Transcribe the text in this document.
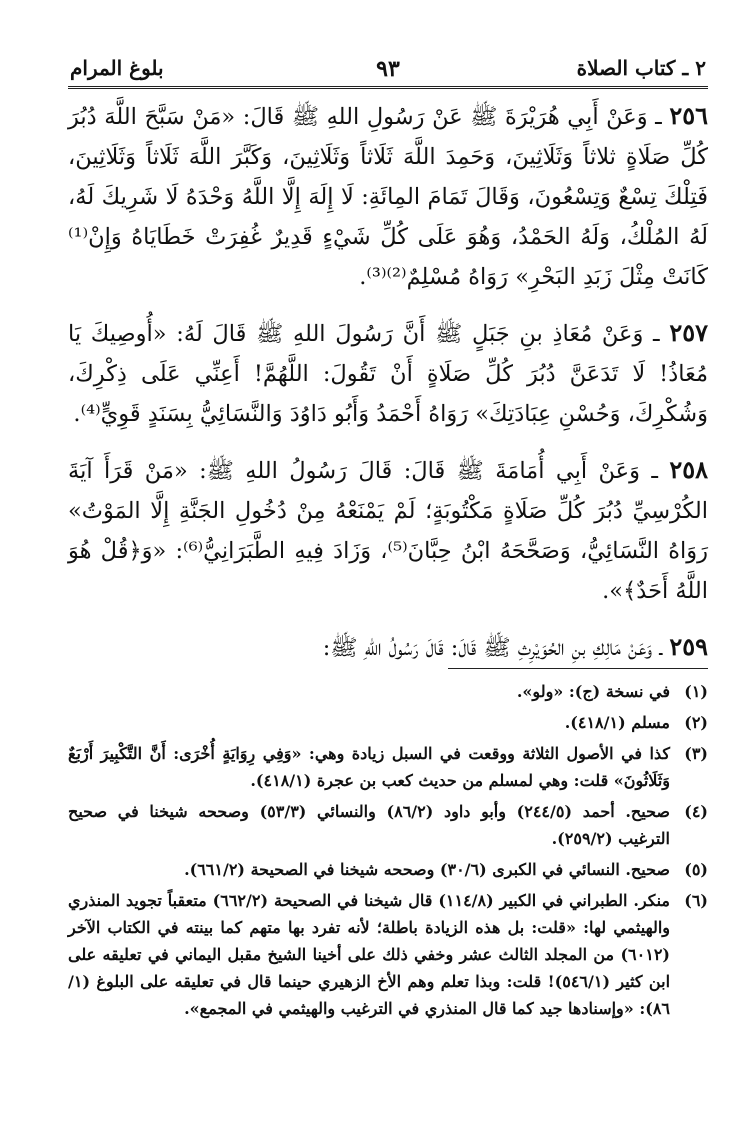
٢ ـ كتاب الصلاة
٩٣
بلوغ المرام

٢٥٦ ـ وَعَنْ أَبِي هُرَيْرَةَ ﷺ عَنْ رَسُولِ اللهِ ﷺ قَالَ: «مَنْ سَبَّحَ اللَّهَ دُبُرَ كُلِّ صَلَاةٍ ثلاثاً وَثَلَاثِينَ، وَحَمِدَ اللَّهَ ثَلَاثاً وَثَلَاثِينَ، وَكَبَّرَ اللَّهَ ثَلَاثاً وَثَلَاثِينَ، فَتِلْكَ تِسْعٌ وَتِسْعُونَ، وَقَالَ تَمَامَ المِائَةِ: لَا إِلَهَ إِلَّا اللَّهُ وَحْدَهُ لَا شَرِيكَ لَهُ، لَهُ المُلْكُ، وَلَهُ الحَمْدُ، وَهُوَ عَلَى كُلِّ شَيْءٍ قَدِيرٌ غُفِرَتْ خَطَايَاهُ وَإِنْ⁽¹⁾ كَانَتْ مِثْلَ زَبَدِ البَحْرِ» رَوَاهُ مُسْلِمٌ⁽²⁾⁽³⁾.

٢٥٧ ـ وَعَنْ مُعَاذِ بنِ جَبَلٍ ﷺ أَنَّ رَسُولَ اللهِ ﷺ قَالَ لَهُ: «أُوصِيكَ يَا مُعَاذُ! لَا تَدَعَنَّ دُبُرَ كُلِّ صَلَاةٍ أَنْ تَقُولَ: اللَّهُمَّ! أَعِنِّي عَلَى ذِكْرِكَ، وَشُكْرِكَ، وَحُسْنِ عِبَادَتِكَ» رَوَاهُ أَحْمَدُ وَأَبُو دَاوُدَ وَالنَّسَائِيُّ بِسَنَدٍ قَوِيٍّ⁽⁴⁾.

٢٥٨ ـ وَعَنْ أَبِي أُمَامَةَ ﷺ قَالَ: قَالَ رَسُولُ اللهِ ﷺ: «مَنْ قَرَأَ آيَةَ الكُرْسِيِّ دُبُرَ كُلِّ صَلَاةٍ مَكْتُوبَةٍ؛ لَمْ يَمْنَعْهُ مِنْ دُخُولِ الجَنَّةِ إِلَّا المَوْتُ» رَوَاهُ النَّسَائِيُّ، وَصَحَّحَهُ ابْنُ حِبَّانَ⁽⁵⁾، وَزَادَ فِيهِ الطَّبَرَانِيُّ⁽⁶⁾: «وَ﴿قُلْ هُوَ اللَّهُ أَحَدٌ﴾».

٢٥٩ ـ وَعَنْ مَالِكِ بنِ الحُوَيْرِثِ ﷺ قَالَ: قَالَ رَسُولُ اللهِ ﷺ:

(١)
في نسخة (ج): «ولو».
(٢)
مسلم (٤١٨/١).
(٣)
كذا في الأصول الثلاثة ووقعت في السبل زيادة وهي: «وَفِي رِوَايَةٍ أُخْرَى: أَنَّ التَّكْبِيرَ أَرْبَعٌ وَثَلَاثُونَ» قلت: وهي لمسلم من حديث كعب بن عجرة (٤١٨/١).
(٤)
صحيح. أحمد (٢٤٤/٥) وأبو داود (٨٦/٢) والنسائي (٥٣/٣) وصححه شيخنا في صحيح الترغيب (٢٥٩/٢).
(٥)
صحيح. النسائي في الكبرى (٣٠/٦) وصححه شيخنا في الصحيحة (٦٦١/٢).
(٦)
منكر. الطبراني في الكبير (١١٤/٨) قال شيخنا في الصحيحة (٦٦٢/٢) متعقباً تجويد المنذري والهيثمي لها: «قلت: بل هذه الزيادة باطلة؛ لأنه تفرد بها متهم كما بينته في الكتاب الآخر (٦٠١٢) من المجلد الثالث عشر وخفي ذلك على أخينا الشيخ مقبل اليماني في تعليقه على ابن كثير (٥٤٦/١)! قلت: وبذا تعلم وهم الأخ الزهيري حينما قال في تعليقه على البلوغ (١/ ٨٦): «وإسنادها جيد كما قال المنذري في الترغيب والهيثمي في المجمع».
